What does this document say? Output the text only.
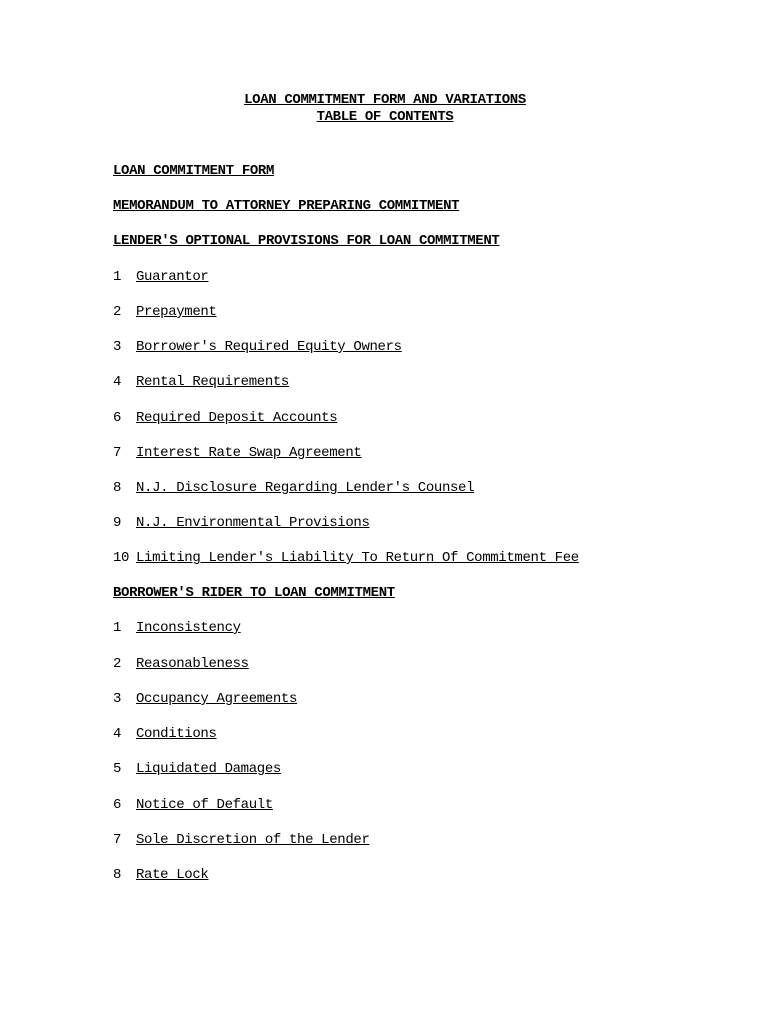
LOAN COMMITMENT FORM AND VARIATIONS
TABLE OF CONTENTS
LOAN COMMITMENT FORM
MEMORANDUM TO ATTORNEY PREPARING COMMITMENT
LENDER'S OPTIONAL PROVISIONS FOR LOAN COMMITMENT
1 Guarantor
2 Prepayment
3 Borrower's Required Equity Owners
4 Rental Requirements
6 Required Deposit Accounts
7 Interest Rate Swap Agreement
8 N.J. Disclosure Regarding Lender's Counsel
9 N.J. Environmental Provisions
10 Limiting Lender's Liability To Return Of Commitment Fee
BORROWER'S RIDER TO LOAN COMMITMENT
1 Inconsistency
2 Reasonableness
3 Occupancy Agreements
4 Conditions
5 Liquidated Damages
6 Notice of Default
7 Sole Discretion of the Lender
8 Rate Lock
